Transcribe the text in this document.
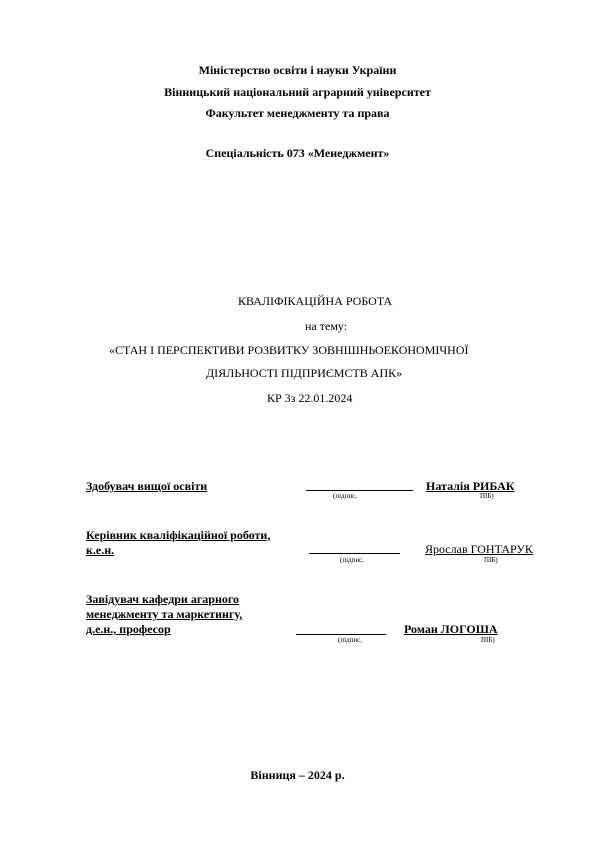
Міністерство освіти і науки України
Вінницький національний аграрний університет
Факультет менеджменту та права
Спеціальність 073 «Менеджмент»
КВАЛІФІКАЦІЙНА РОБОТА
на тему:
«СТАН І ПЕРСПЕКТИВИ РОЗВИТКУ ЗОВНІШНЬОЕКОНОМІЧНОЇ
ДІЯЛЬНОСТІ ПІДПРИЄМСТВ АПК»
КР 3з 22.01.2024
Здобувач вищої освіти
(підпис,
Наталія РИБАК
ПІБ)
Керівник кваліфікаційної роботи,
к.е.н.
(підпис,
Ярослав ГОНТАРУК
ПІБ)
Завідувач кафедри агарного
менеджменту та маркетингу,
д.е.н., професор
(підпис,
Роман ЛОГОША
ПІБ)
Вінниця – 2024 р.
